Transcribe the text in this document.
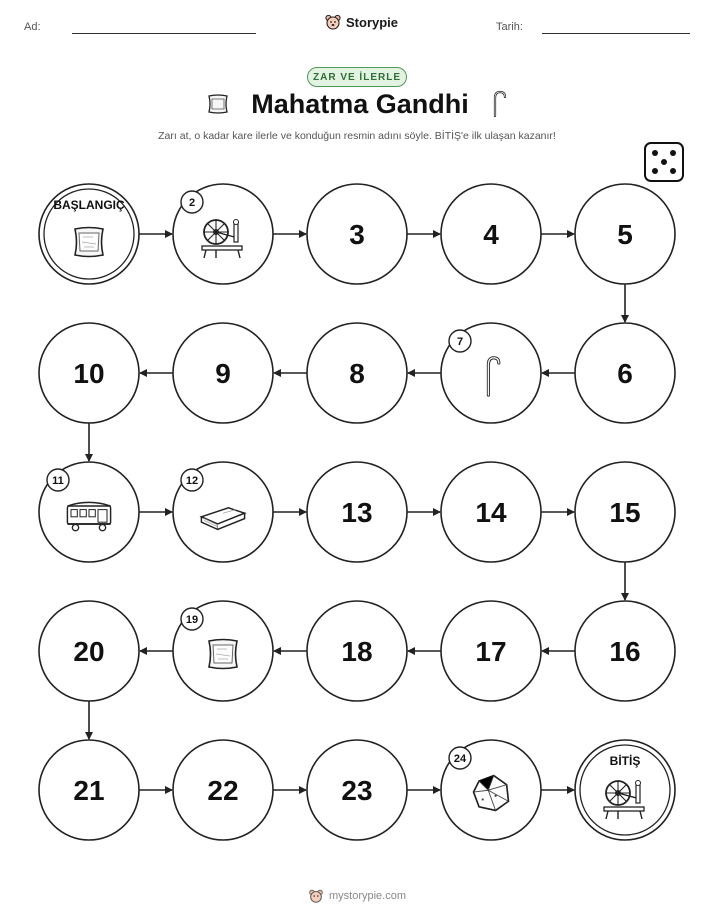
Ad:	Storypie	Tarih:
ZAR VE İLERLE
Mahatma Gandhi
Zarı at, o kadar kare ilerle ve konduğun resmin adını söyle. BİTİŞ'e ilk ulaşan kazanır!
BAŞLANGIÇ	2
3	4	5
6
7
8
9
10
11	12
13	14	15
16
17
18
19
20
21	22	23
24	BİTİŞ
mystorypie.com
